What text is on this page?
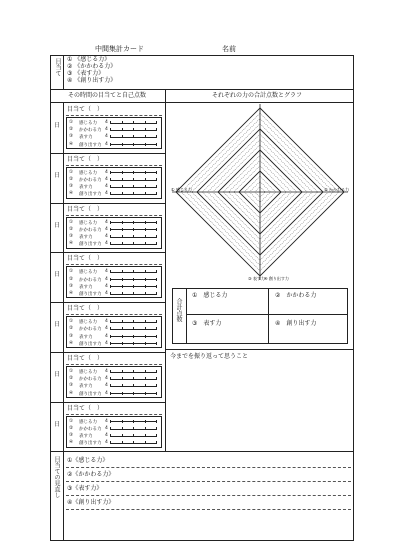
中間集計カード	名前
目当て ① 《感じる力》
② 《かかわる力》
③ 《表す力》
④ 《創り出す力》
その時間の目当てと自己点数	それぞれの力の合計点数とグラフ
日
目当て（　）
① 感じる力 4
② かかわる力 4
③ 表す力	4
④ 創り出す力 4
日
目当て（　）
① 感じる力 4
② かかわる力 4
③ 表す力	4
④ 創り出す力 4
日
目当て（　）
① 感じる力 4
② かかわる力 4
③ 表す力	4
④ 創り出す力 4
日
目当て（　）
① 感じる力 4
② かかわる力 4
③ 表す力	4
④ 創り出す力 4
日
目当て（　）
① 感じる力 4
② かかわる力 4
③ 表す力	4
④ 創り出す力 4
日
目当て（　）
① 感じる力 4
② かかわる力 4
③ 表す力	4
④ 創り出す力 4
日
目当て（　）
① 感じる力 4
② かかわる力 4
③ 表す力	4
④ 創り出す力 4
① 感じる力	② かかわる力
③ 表す力 ④ 創り出す力
合計点数
①　感じる力	②　かかわる力
③　表す力	④　創り出す力
今までを振り返って思うこと
目当ての見直し ①《感じる力》
②《かかわる力》
③《表す力》
④《創り出す力》
